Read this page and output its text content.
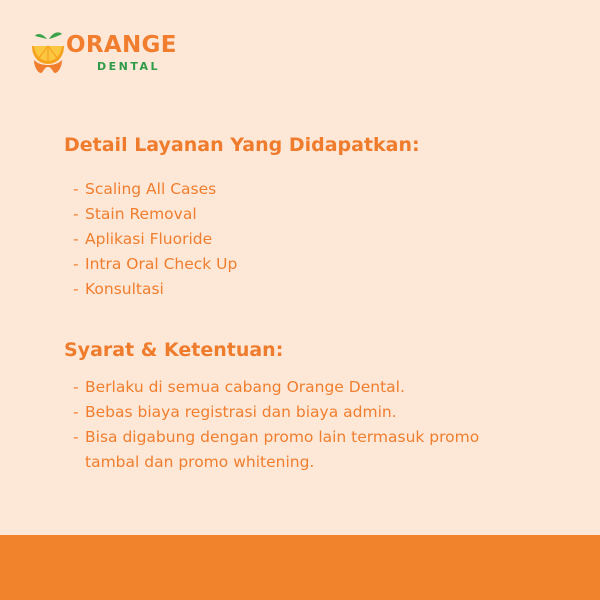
ORANGE
DENTAL
Detail Layanan Yang Didapatkan:
- Scaling All Cases
- Stain Removal
- Aplikasi Fluoride
- Intra Oral Check Up
- Konsultasi
Syarat & Ketentuan:
- Berlaku di semua cabang Orange Dental.
- Bebas biaya registrasi dan biaya admin.
- Bisa digabung dengan promo lain termasuk promo
tambal dan promo whitening.
